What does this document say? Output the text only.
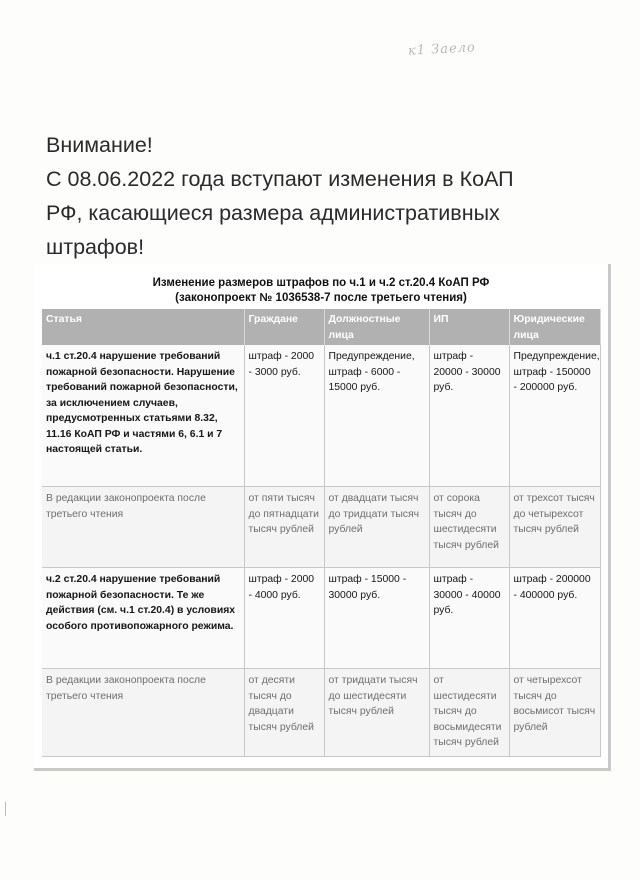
к1 Заело
Внимание!
С 08.06.2022 года вступают изменения в КоАП
РФ, касающиеся размера административных
штрафов!
Изменение размеров штрафов по ч.1 и ч.2 ст.20.4 КоАП РФ
(законопроект № 1036538-7 после третьего чтения)
Статья	Граждане	Должностные лица	ИП	Юридические лица
ч.1 ст.20.4 нарушение требований пожарной безопасности. Нарушение требований пожарной безопасности, за исключением случаев, предусмотренных статьями 8.32, 11.16 КоАП РФ и частями 6, 6.1 и 7 настоящей статьи.	штраф - 2000 - 3000 руб.	Предупреждение, штраф - 6000 - 15000 руб.	штраф - 20000 - 30000 руб.	Предупреждение, штраф - 150000 - 200000 руб.
В редакции законопроекта после третьего чтения	от пяти тысяч до пятнадцати тысяч рублей	от двадцати тысяч до тридцати тысяч рублей	от сорока тысяч до шестидесяти тысяч рублей	от трехсот тысяч до четырехсот тысяч рублей
ч.2 ст.20.4 нарушение требований пожарной безопасности. Те же действия (см. ч.1 ст.20.4) в условиях особого противопожарного режима.	штраф - 2000 - 4000 руб.	штраф - 15000 - 30000 руб.	штраф - 30000 - 40000 руб.	штраф - 200000 - 400000 руб.
В редакции законопроекта после третьего чтения	от десяти тысяч до двадцати тысяч рублей	от тридцати тысяч до шестидесяти тысяч рублей	от шестидесяти тысяч до восьмидесяти тысяч рублей	от четырехсот тысяч до восьмисот тысяч рублей
